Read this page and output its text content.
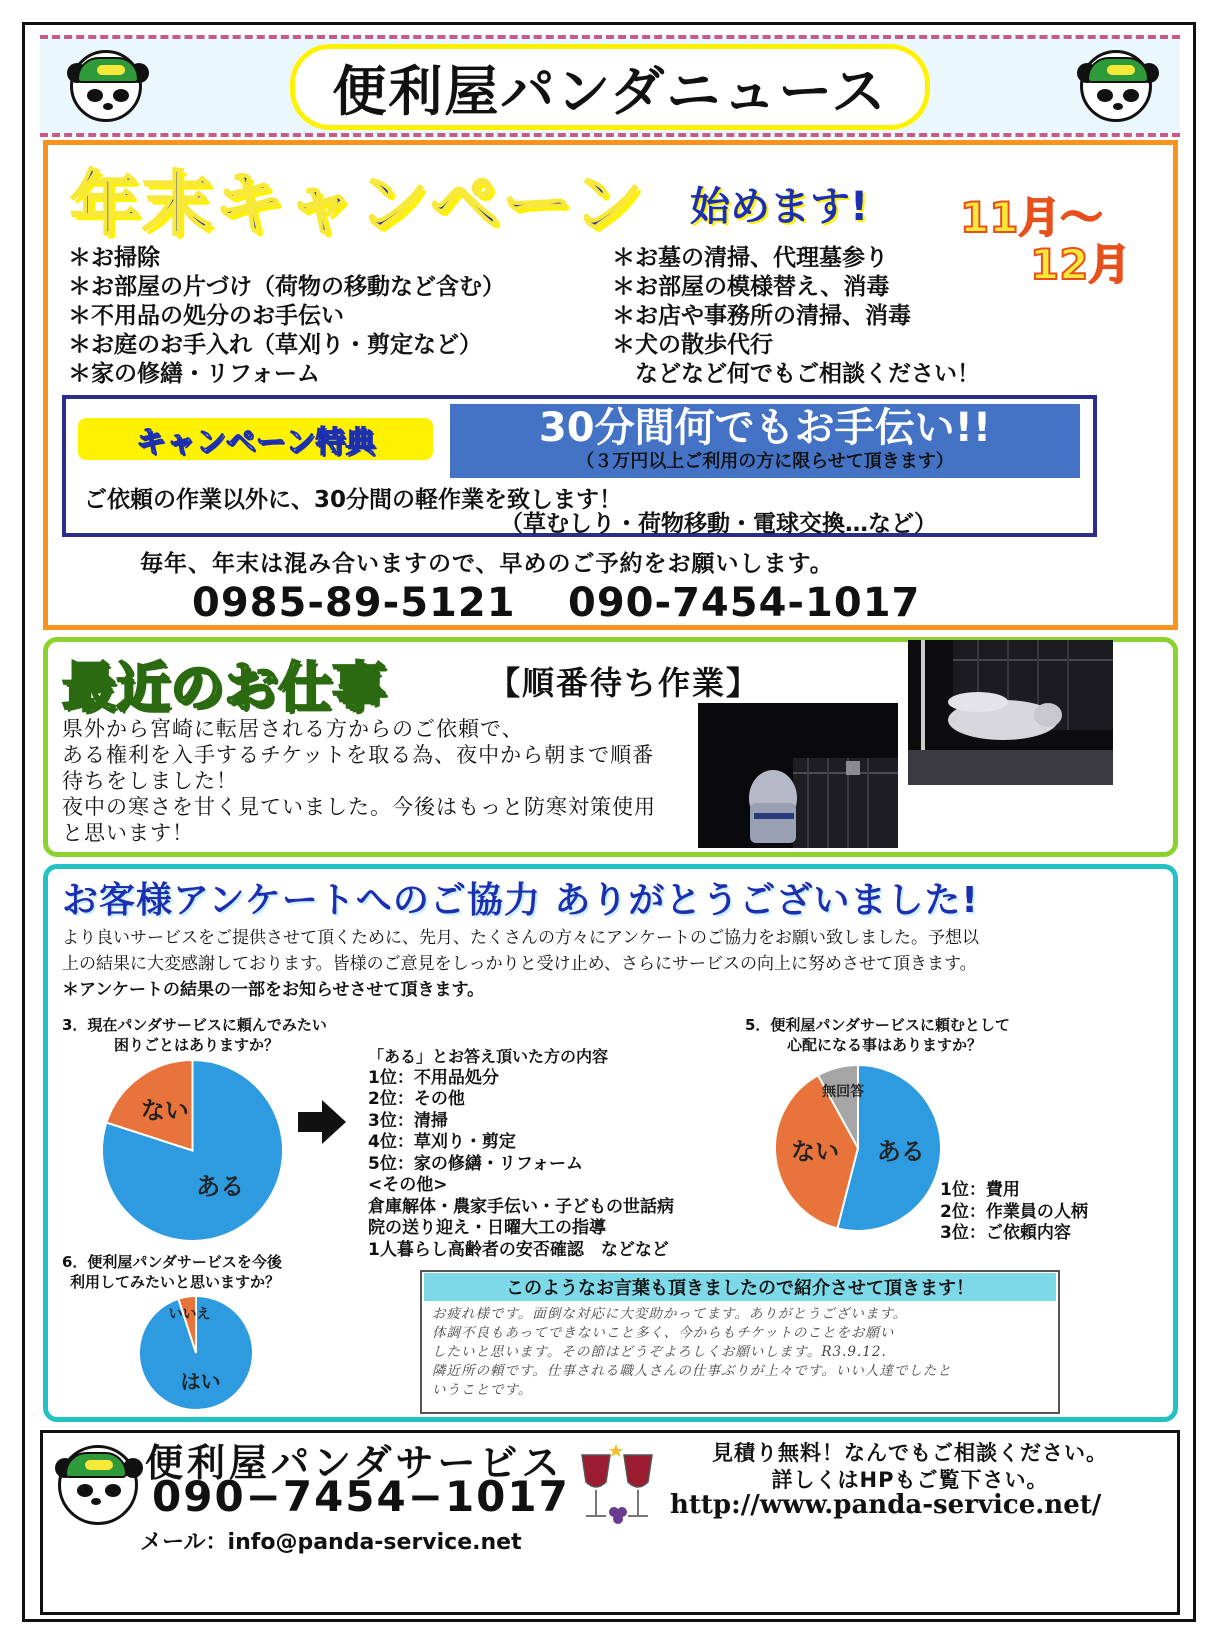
便利屋パンダニュース
年末キャンペーン 始めます! 11月～
12月
＊お掃除
＊お部屋の片づけ（荷物の移動など含む）
＊不用品の処分のお手伝い
＊お庭のお手入れ（草刈り・剪定など）
＊家の修繕・リフォーム
＊お墓の清掃、代理墓参り
＊お部屋の模様替え、消毒
＊お店や事務所の清掃、消毒
＊犬の散歩代行
　などなど何でもご相談ください！
キャンペーン特典	30分間何でもお手伝い!!
（３万円以上ご利用の方に限らせて頂きます）
ご依頼の作業以外に、30分間の軽作業を致します！
（草むしり・荷物移動・電球交換…など）
毎年、年末は混み合いますので、早めのご予約をお願いします。
0985-89-5121 090-7454-1017
最近のお仕事	【順番待ち作業】
県外から宮崎に転居される方からのご依頼で、
ある権利を入手するチケットを取る為、夜中から朝まで順番
待ちをしました！
夜中の寒さを甘く見ていました。今後はもっと防寒対策使用
と思います！
お客様アンケートへのご協力 ありがとうございました!
より良いサービスをご提供させて頂くために、先月、たくさんの方々にアンケートのご協力をお願い致しました。予想以
上の結果に大変感謝しております。皆様のご意見をしっかりと受け止め、さらにサービスの向上に努めさせて頂きます。
＊アンケートの結果の一部をお知らせさせて頂きます。
3．現在パンダサービスに頼んでみたい
困りごとはありますか？
ある
ない
「ある」とお答え頂いた方の内容
1位：不用品処分
2位：その他
3位：清掃
4位：草刈り・剪定
5位：家の修繕・リフォーム
<その他>
倉庫解体・農家手伝い・子どもの世話病
院の送り迎え・日曜大工の指導
1人暮らし高齢者の安否確認　などなど
5．便利屋パンダサービスに頼むとして
心配になる事はありますか？
ある
ない
無回答
1位：費用
2位：作業員の人柄
3位：ご依頼内容
6．便利屋パンダサービスを今後
利用してみたいと思いますか？
はい
いいえ
このようなお言葉も頂きましたので紹介させて頂きます！
お疲れ様です。面倒な対応に大変助かってます。ありがとうございます。
体調不良もあってできないこと多く、今からもチケットのことをお願い
したいと思います。その節はどうぞよろしくお願いします。R3.9.12.
隣近所の頼です。仕事される職人さんの仕事ぶりが上々です。いい人達でしたと
いうことです。
便利屋パンダサービス
090−7454−1017
メール：info@panda-service.net
見積り無料！なんでもご相談ください。
詳しくはHPもご覧下さい。
http://www.panda-service.net/
